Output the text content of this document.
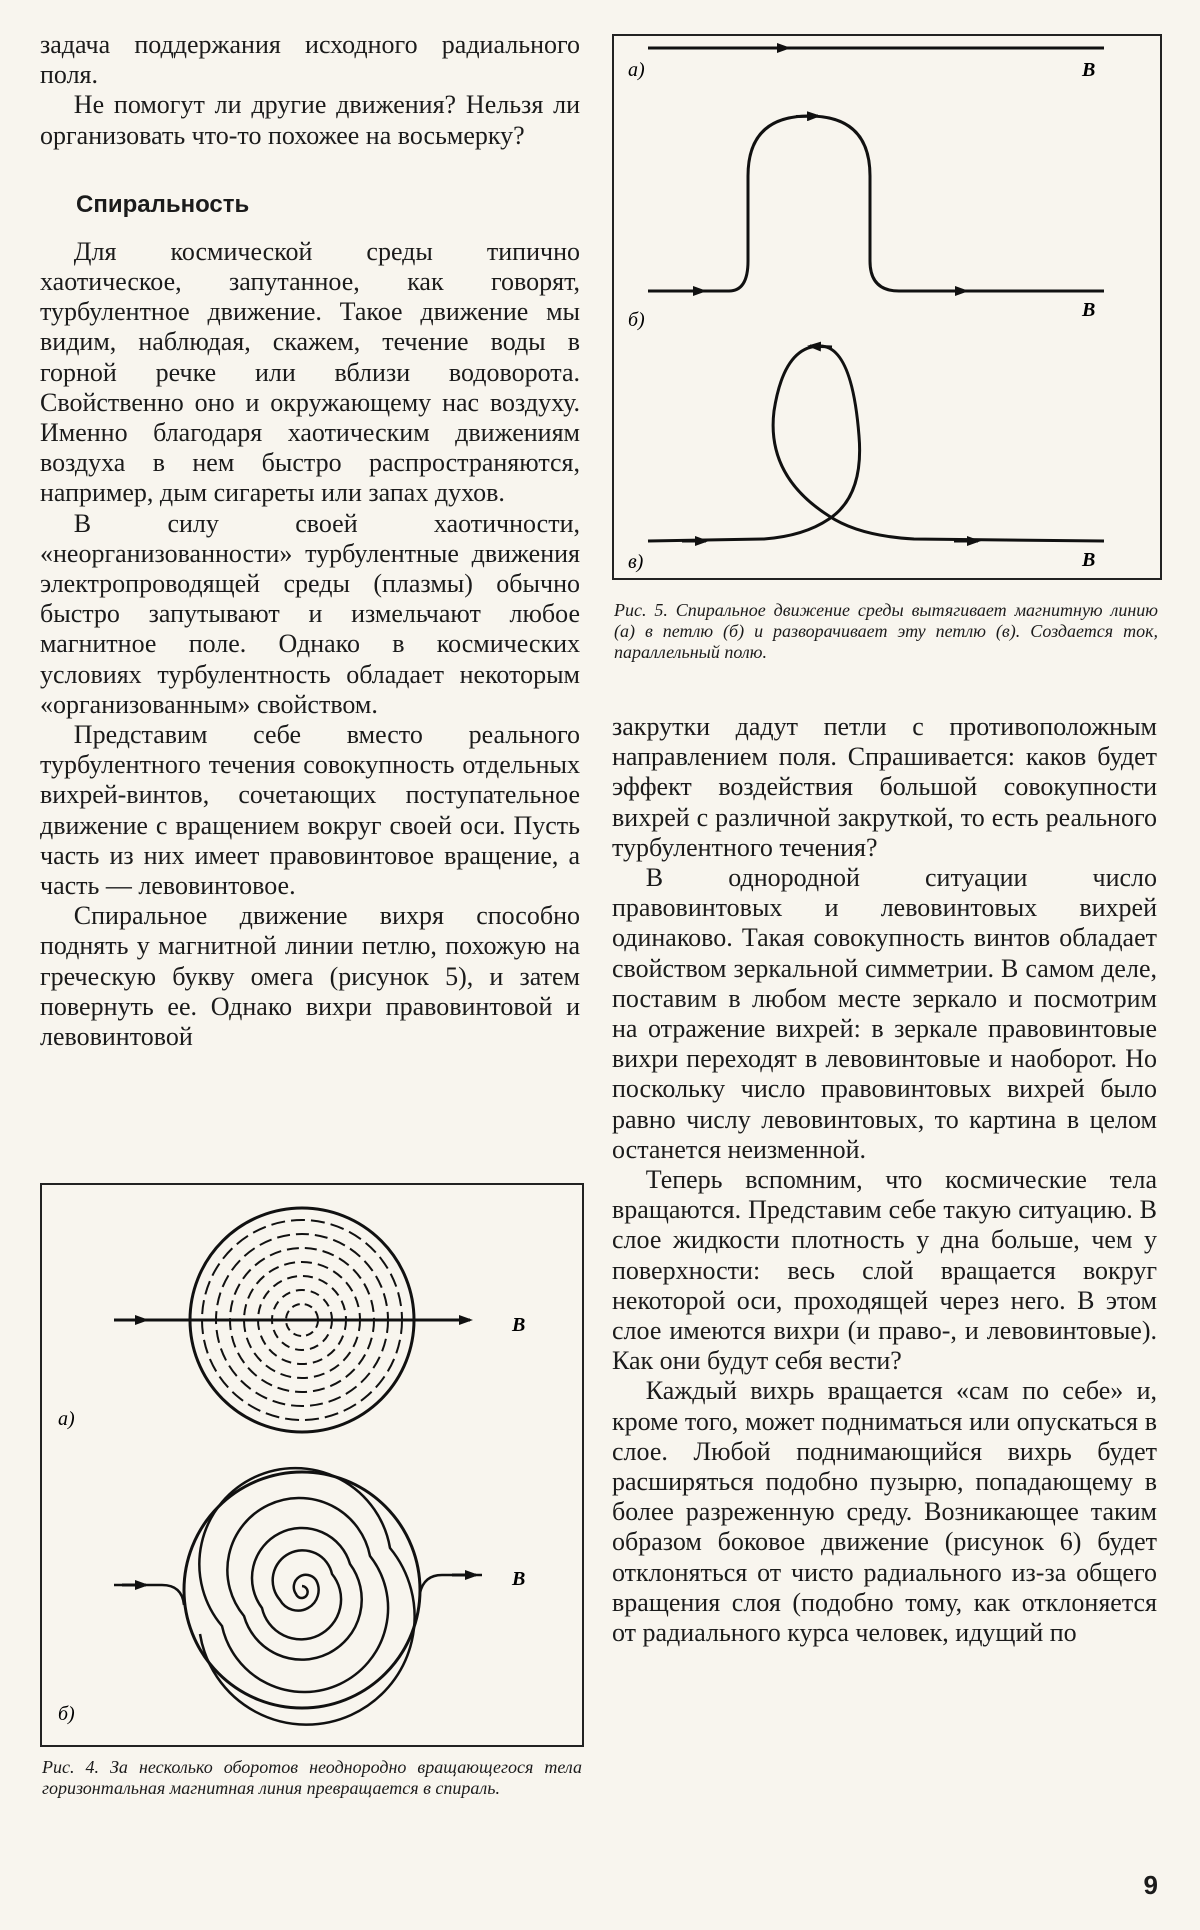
задача поддержания исходного радиального поля.

Не помогут ли другие движения? Нельзя ли организовать что-то похожее на восьмерку?

Спиральность

Для космической среды типично хаотическое, запутанное, как говорят, турбулентное движение. Такое движение мы видим, наблюдая, скажем, течение воды в горной речке или вблизи водоворота. Свойственно оно и окружающему нас воздуху. Именно благодаря хаотическим движениям воздуха в нем быстро распространяются, например, дым сигареты или запах духов.

В силу своей хаотичности, «неорганизованности» турбулентные движения электропроводящей среды (плазмы) обычно быстро запутывают и измельчают любое магнитное поле. Однако в космических условиях турбулентность обладает некоторым «организованным» свойством.

Представим себе вместо реального турбулентного течения совокупность отдельных вихрей-винтов, сочетающих поступательное движение с вращением вокруг своей оси. Пусть часть из них имеет правовинтовое вращение, а часть — левовинтовое.

Спиральное движение вихря способно поднять у магнитной линии петлю, похожую на греческую букву омега (рисунок 5), и затем повернуть ее. Однако вихри правовинтовой и левовинтовой

а)	B
б)	B
в)	B
Рис. 5. Спиральное движение среды вытягивает магнитную линию (а) в петлю (б) и разворачивает эту петлю (в). Создается ток, параллельный полю.

закрутки дадут петли с противоположным направлением поля. Спрашивается: каков будет эффект воздействия большой совокупности вихрей с различной закруткой, то есть реального турбулентного течения?

В однородной ситуации число правовинтовых и левовинтовых вихрей одинаково. Такая совокупность винтов обладает свойством зеркальной симметрии. В самом деле, поставим в любом месте зеркало и посмотрим на отражение вихрей: в зеркале правовинтовые вихри переходят в левовинтовые и наоборот. Но поскольку число правовинтовых вихрей было равно числу левовинтовых, то картина в целом останется неизменной.

Теперь вспомним, что космические тела вращаются. Представим себе такую ситуацию. В слое жидкости плотность у дна больше, чем у поверхности: весь слой вращается вокруг некоторой оси, проходящей через него. В этом слое имеются вихри (и право-, и левовинтовые). Как они будут себя вести?

Каждый вихрь вращается «сам по себе» и, кроме того, может подниматься или опускаться в слое. Любой поднимающийся вихрь будет расширяться подобно пузырю, попадающему в более разреженную среду. Возникающее таким образом боковое движение (рисунок 6) будет отклоняться от чисто радиального из-за общего вращения слоя (подобно тому, как отклоняется от радиального курса человек, идущий по

B
а)
B
б)
Рис. 4. За несколько оборотов неоднородно вращающегося тела горизонтальная магнитная линия превращается в спираль.
9
